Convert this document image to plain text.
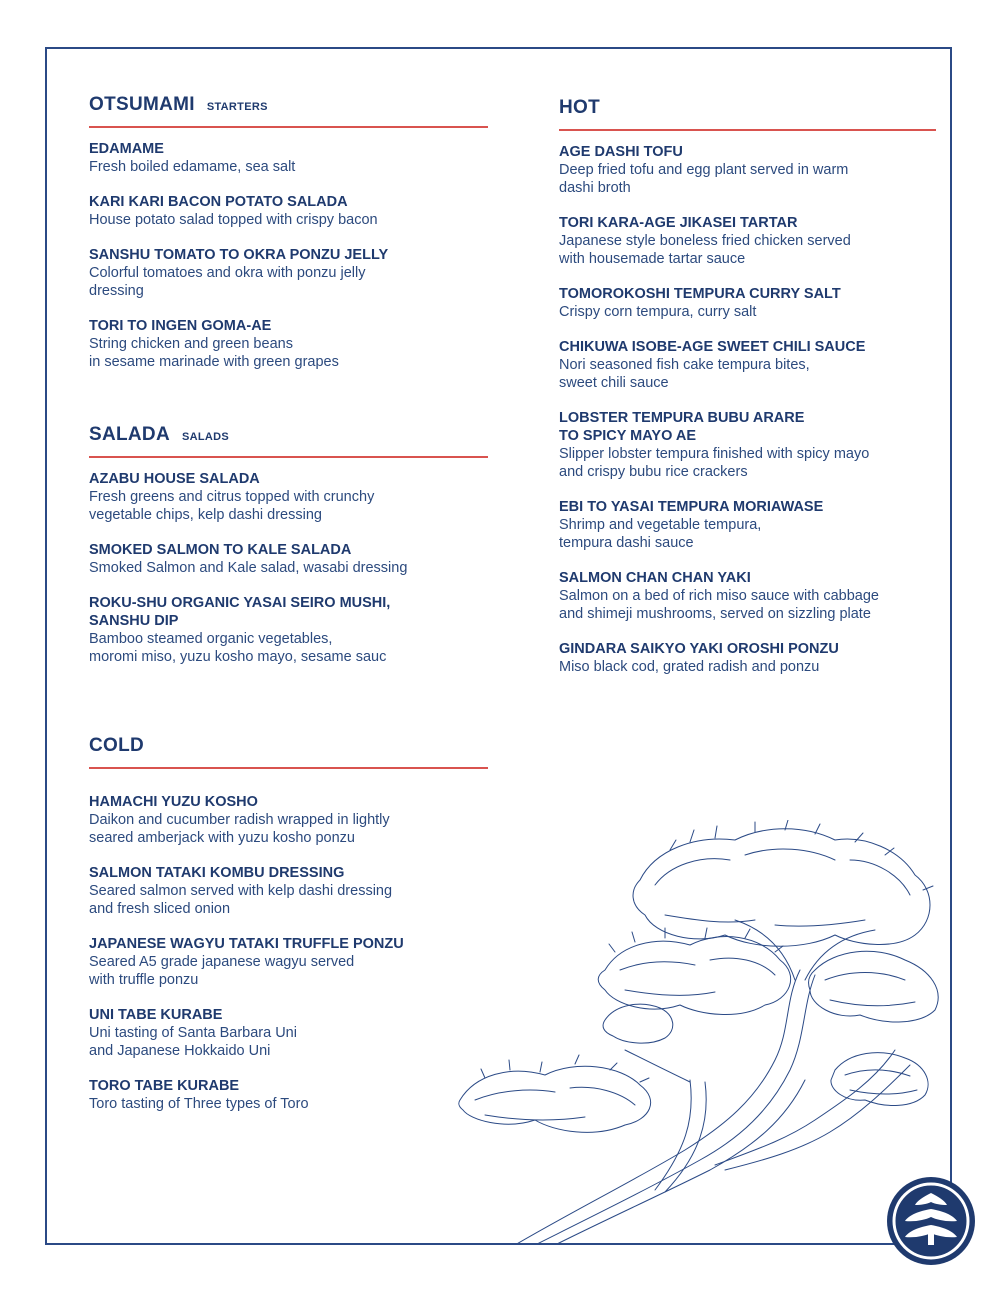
OTSUMAMI STARTERS
EDAMAME
Fresh boiled edamame, sea salt
KARI KARI BACON POTATO SALADA
House potato salad topped with crispy bacon
SANSHU TOMATO TO OKRA PONZU JELLY
Colorful tomatoes and okra with ponzu jelly
dressing
TORI TO INGEN GOMA-AE
String chicken and green beans
in sesame marinade with green grapes
SALADA SALADS
AZABU HOUSE SALADA
Fresh greens and citrus topped with crunchy
vegetable chips, kelp dashi dressing
SMOKED SALMON TO KALE SALADA
Smoked Salmon and Kale salad, wasabi dressing
ROKU-SHU ORGANIC YASAI SEIRO MUSHI,
SANSHU DIP
Bamboo steamed organic vegetables,
moromi miso, yuzu kosho mayo, sesame sauc
COLD
HAMACHI YUZU KOSHO
Daikon and cucumber radish wrapped in lightly
seared amberjack with yuzu kosho ponzu
SALMON TATAKI KOMBU DRESSING
Seared salmon served with kelp dashi dressing
and fresh sliced onion
JAPANESE WAGYU TATAKI TRUFFLE PONZU
Seared A5 grade japanese wagyu served
with truffle ponzu
UNI TABE KURABE
Uni tasting of Santa Barbara Uni
and Japanese Hokkaido Uni
TORO TABE KURABE
Toro tasting of Three types of Toro
HOT
AGE DASHI TOFU
Deep fried tofu and egg plant served in warm
dashi broth
TORI KARA-AGE JIKASEI TARTAR
Japanese style boneless fried chicken served
with housemade tartar sauce
TOMOROKOSHI TEMPURA CURRY SALT
Crispy corn tempura, curry salt
CHIKUWA ISOBE-AGE SWEET CHILI SAUCE
Nori seasoned fish cake tempura bites,
sweet chili sauce
LOBSTER TEMPURA BUBU ARARE
TO SPICY MAYO AE
Slipper lobster tempura finished with spicy mayo
and crispy bubu rice crackers
EBI TO YASAI TEMPURA MORIAWASE
Shrimp and vegetable tempura,
tempura dashi sauce
SALMON CHAN CHAN YAKI
Salmon on a bed of rich miso sauce with cabbage
and shimeji mushrooms, served on sizzling plate
GINDARA SAIKYO YAKI OROSHI PONZU
Miso black cod, grated radish and ponzu
